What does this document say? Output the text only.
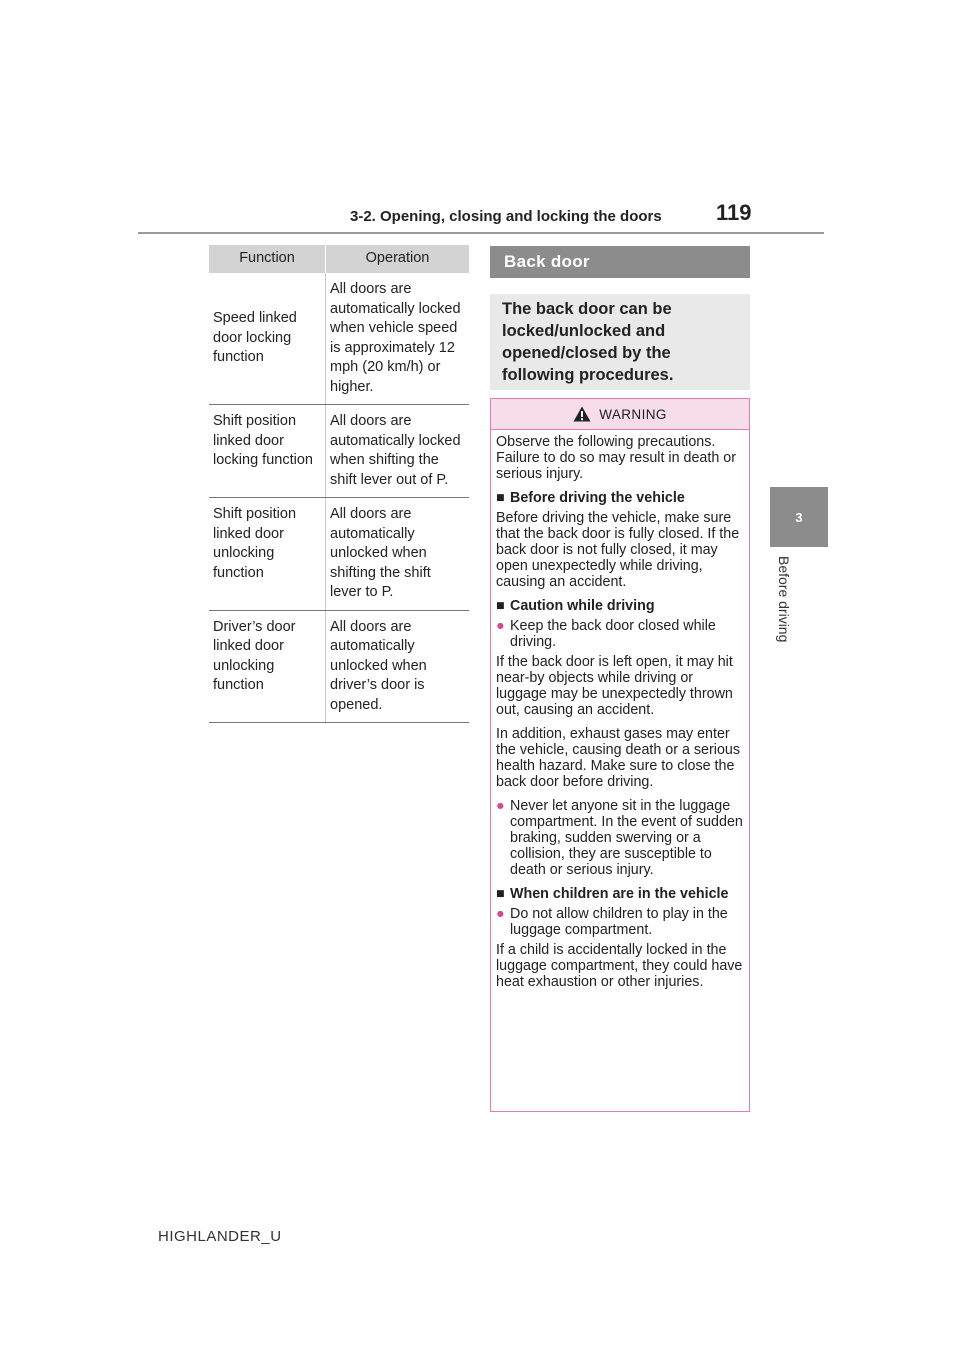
3-2. Opening, closing and locking the doors 119
3
Before driving
Function	Operation
Speed linked door locking function	All doors are automatically locked when vehicle speed is approximately 12 mph (20 km/h) or higher.
Shift position linked door locking function	All doors are automatically locked when shifting the shift lever out of P.
Shift position linked door unlocking function	All doors are automatically unlocked when shifting the shift lever to P.
Driver’s door linked door unlocking function	All doors are automatically unlocked when driver’s door is opened.
Back door
The back door can be locked/unlocked and opened/closed by the following procedures.
WARNING

Observe the following precautions. Failure to do so may result in death or serious injury.

■ Before driving the vehicle

Before driving the vehicle, make sure that the back door is fully closed. If the back door is not fully closed, it may open unexpectedly while driving, causing an accident.

■ Caution while driving

● Keep the back door closed while driving.

If the back door is left open, it may hit near-by objects while driving or luggage may be unexpectedly thrown out, causing an accident.

In addition, exhaust gases may enter the vehicle, causing death or a serious health hazard. Make sure to close the back door before driving.

● Never let anyone sit in the luggage compartment. In the event of sudden braking, sudden swerving or a collision, they are susceptible to death or serious injury.

■ When children are in the vehicle

● Do not allow children to play in the luggage compartment.

If a child is accidentally locked in the luggage compartment, they could have heat exhaustion or other injuries.

HIGHLANDER_U
